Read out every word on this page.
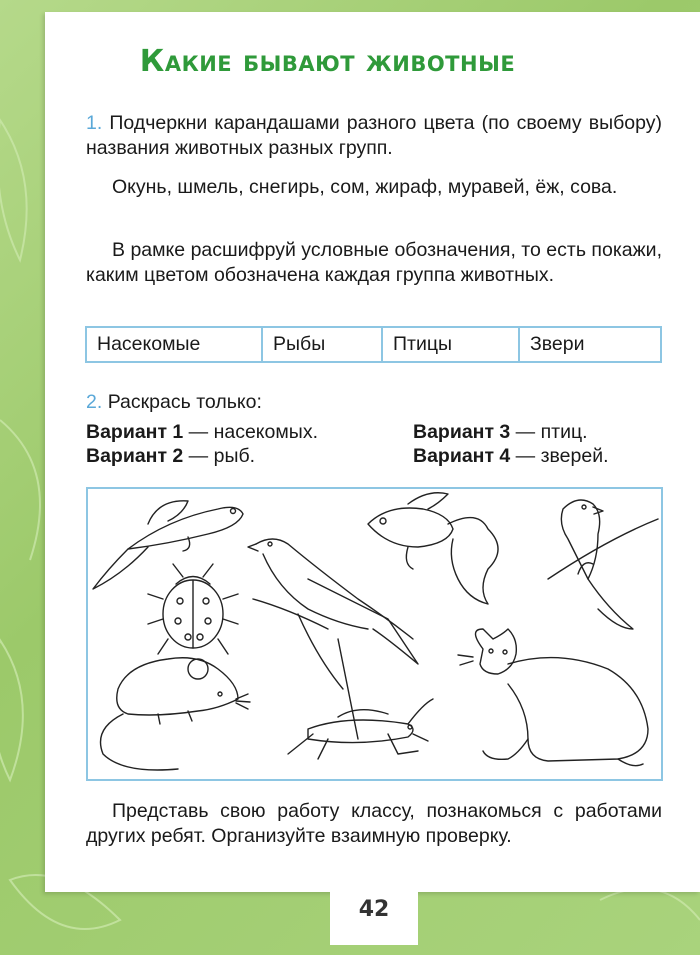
Какие бывают животные
1. Подчеркни карандашами разного цвета (по своему выбору) названия животных разных групп.
Окунь, шмель, снегирь, сом, жираф, муравей, ёж, сова.
В рамке расшифруй условные обозначения, то есть покажи, каким цветом обозначена каждая группа животных.
Насекомые	Рыбы	Птицы	Звери
2. Раскрась только:
Вариант 1 — насекомых.
Вариант 2 — рыб.
Вариант 3 — птиц.
Вариант 4 — зверей.
Представь свою работу классу, познакомься с работами других ребят. Организуйте взаимную проверку.
42
